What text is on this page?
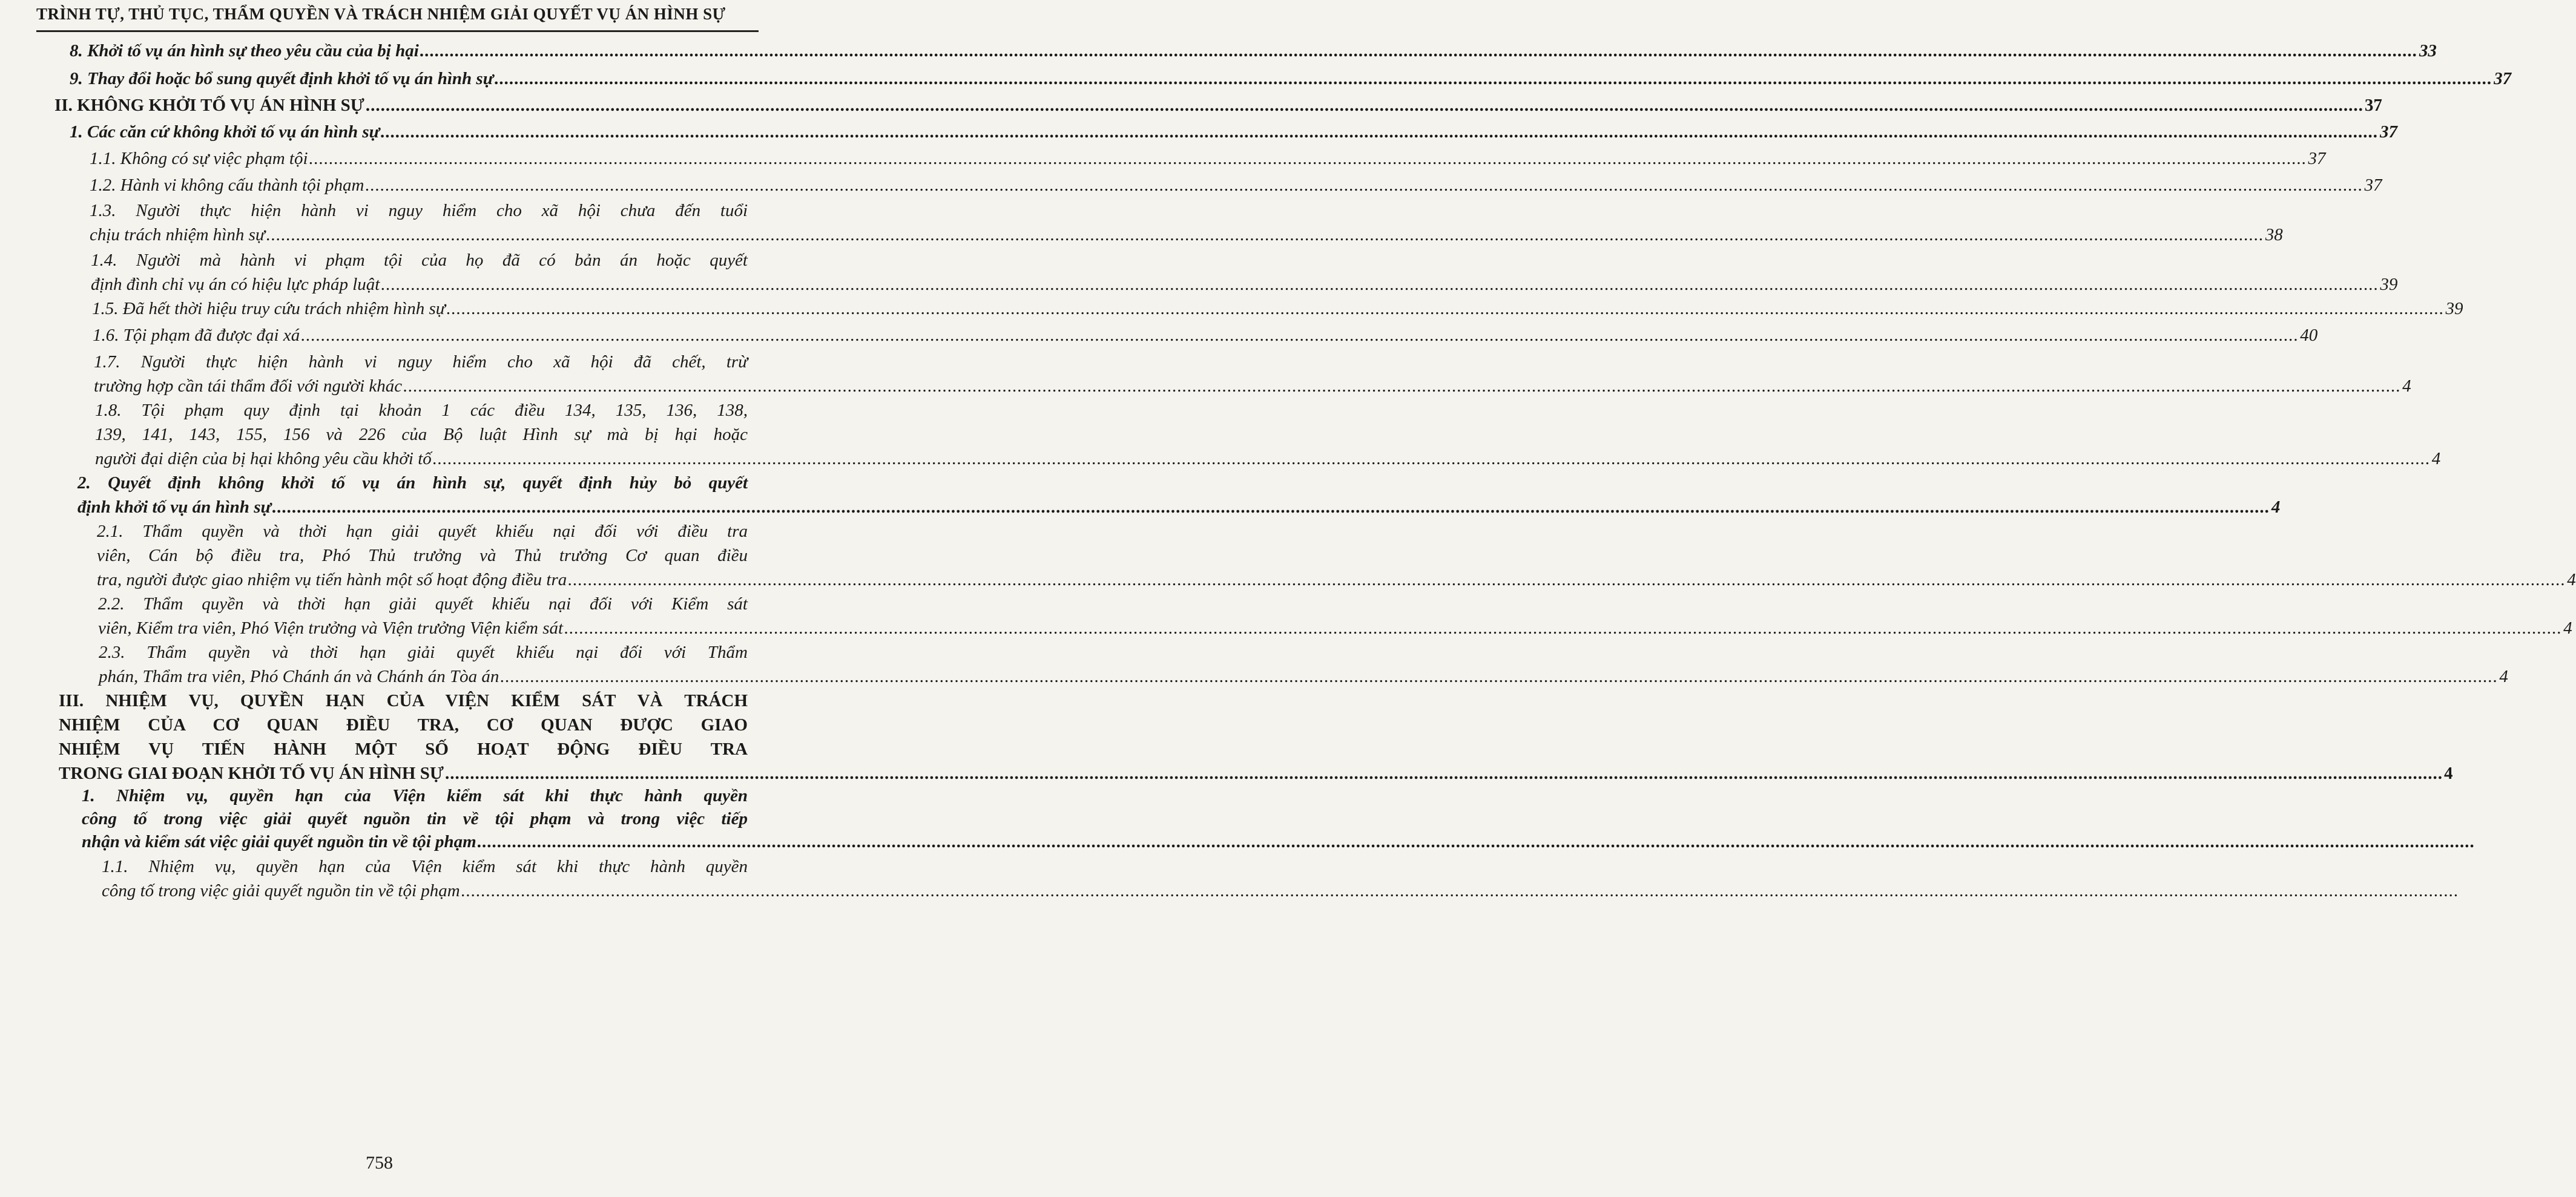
TRÌNH TỰ, THỦ TỤC, THẨM QUYỀN VÀ TRÁCH NHIỆM GIẢI QUYẾT VỤ ÁN HÌNH SỰ
8. Khởi tố vụ án hình sự theo yêu cầu của bị hại ................................................................................................................................................................................................................................................................................................................................................................................................................ 33
9. Thay đổi hoặc bổ sung quyết định khởi tố vụ án hình sự ................................................................................................................................................................................................................................................................................................................................................................................................................ 37
II. KHÔNG KHỞI TỐ VỤ ÁN HÌNH SỰ ................................................................................................................................................................................................................................................................................................................................................................................................................ 37
1. Các căn cứ không khởi tố vụ án hình sự ................................................................................................................................................................................................................................................................................................................................................................................................................ 37
1.1. Không có sự việc phạm tội ................................................................................................................................................................................................................................................................................................................................................................................................................ 37
1.2. Hành vi không cấu thành tội phạm ................................................................................................................................................................................................................................................................................................................................................................................................................ 37
1.3. Người thực hiện hành vi nguy hiểm cho xã hội chưa đến tuổi
chịu trách nhiệm hình sự ................................................................................................................................................................................................................................................................................................................................................................................................................ 38
1.4. Người mà hành vi phạm tội của họ đã có bản án hoặc quyết
định đình chỉ vụ án có hiệu lực pháp luật ................................................................................................................................................................................................................................................................................................................................................................................................................ 39
1.5. Đã hết thời hiệu truy cứu trách nhiệm hình sự ................................................................................................................................................................................................................................................................................................................................................................................................................ 39
1.6. Tội phạm đã được đại xá ................................................................................................................................................................................................................................................................................................................................................................................................................ 40
1.7. Người thực hiện hành vi nguy hiểm cho xã hội đã chết, trừ
trường hợp cần tái thẩm đối với người khác ................................................................................................................................................................................................................................................................................................................................................................................................................ 4
1.8. Tội phạm quy định tại khoản 1 các điều 134, 135, 136, 138,
139, 141, 143, 155, 156 và 226 của Bộ luật Hình sự mà bị hại hoặc
người đại diện của bị hại không yêu cầu khởi tố ................................................................................................................................................................................................................................................................................................................................................................................................................ 4
2. Quyết định không khởi tố vụ án hình sự, quyết định hủy bỏ quyết
định khởi tố vụ án hình sự ................................................................................................................................................................................................................................................................................................................................................................................................................ 4
2.1. Thẩm quyền và thời hạn giải quyết khiếu nại đối với điều tra
viên, Cán bộ điều tra, Phó Thủ trưởng và Thủ trưởng Cơ quan điều
tra, người được giao nhiệm vụ tiến hành một số hoạt động điều tra ................................................................................................................................................................................................................................................................................................................................................................................................................ 4
2.2. Thẩm quyền và thời hạn giải quyết khiếu nại đối với Kiểm sát
viên, Kiểm tra viên, Phó Viện trưởng và Viện trưởng Viện kiểm sát ................................................................................................................................................................................................................................................................................................................................................................................................................ 4
2.3. Thẩm quyền và thời hạn giải quyết khiếu nại đối với Thẩm
phán, Thẩm tra viên, Phó Chánh án và Chánh án Tòa án ................................................................................................................................................................................................................................................................................................................................................................................................................ 4
III. NHIỆM VỤ, QUYỀN HẠN CỦA VIỆN KIỂM SÁT VÀ TRÁCH
NHIỆM CỦA CƠ QUAN ĐIỀU TRA, CƠ QUAN ĐƯỢC GIAO
NHIỆM VỤ TIẾN HÀNH MỘT SỐ HOẠT ĐỘNG ĐIỀU TRA
TRONG GIAI ĐOẠN KHỞI TỐ VỤ ÁN HÌNH SỰ ................................................................................................................................................................................................................................................................................................................................................................................................................ 4
1. Nhiệm vụ, quyền hạn của Viện kiểm sát khi thực hành quyền
công tố trong việc giải quyết nguồn tin về tội phạm và trong việc tiếp
nhận và kiểm sát việc giải quyết nguồn tin về tội phạm ................................................................................................................................................................................................................................................................................................................................................................................................................
1.1. Nhiệm vụ, quyền hạn của Viện kiểm sát khi thực hành quyền
công tố trong việc giải quyết nguồn tin về tội phạm ................................................................................................................................................................................................................................................................................................................................................................................................................
758
